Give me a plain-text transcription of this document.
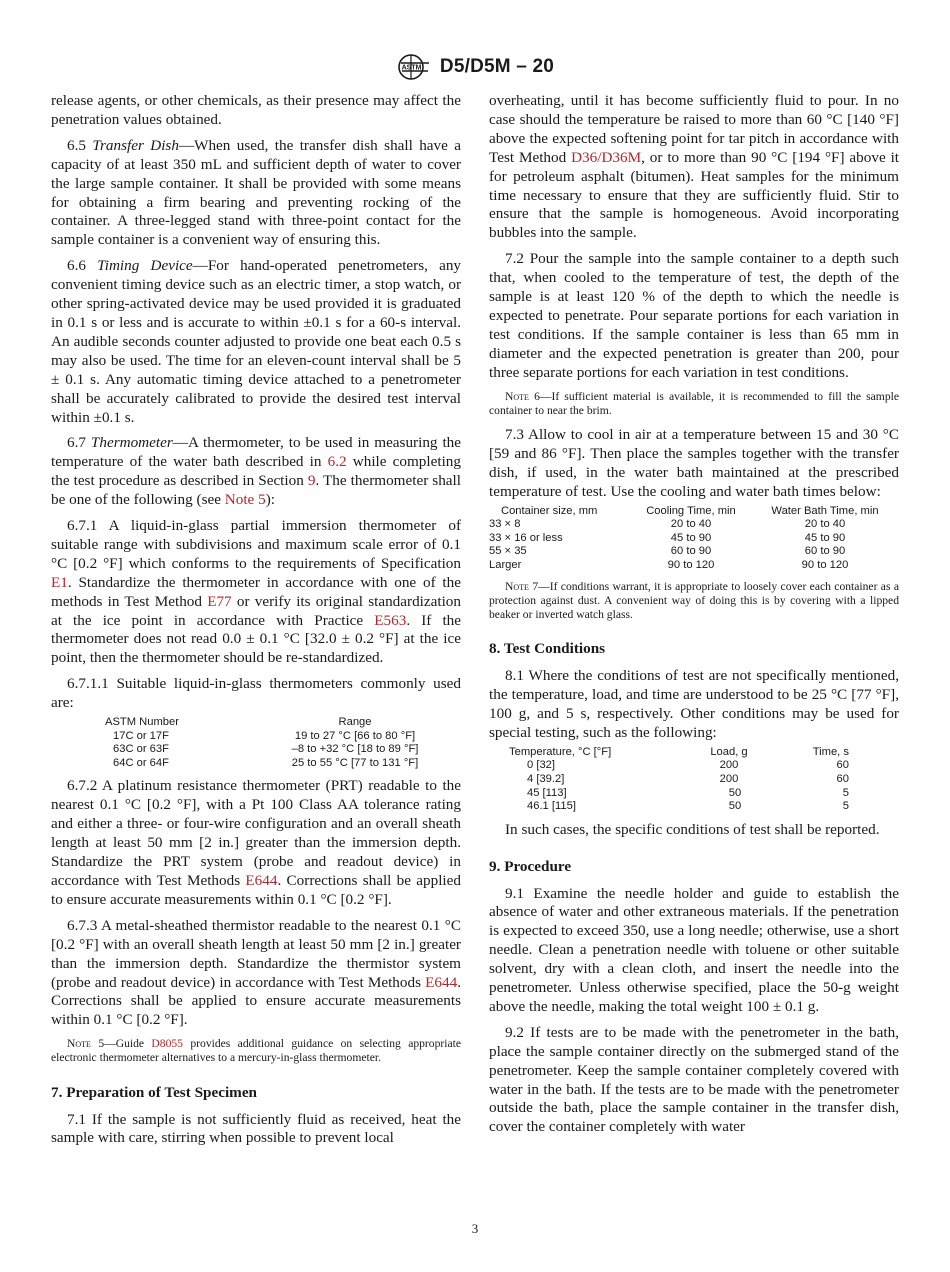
ASTM D5/D5M – 20

release agents, or other chemicals, as their presence may affect the penetration values obtained.

6.5 Transfer Dish—When used, the transfer dish shall have a capacity of at least 350 mL and sufficient depth of water to cover the large sample container. It shall be provided with some means for obtaining a firm bearing and preventing rocking of the container. A three-legged stand with three-point contact for the sample container is a convenient way of ensuring this.

6.6 Timing Device—For hand-operated penetrometers, any convenient timing device such as an electric timer, a stop watch, or other spring-activated device may be used provided it is graduated in 0.1 s or less and is accurate to within ±0.1 s for a 60-s interval. An audible seconds counter adjusted to provide one beat each 0.5 s may also be used. The time for an eleven-count interval shall be 5 ± 0.1 s. Any automatic timing device attached to a penetrometer shall be accurately calibrated to provide the desired test interval within ±0.1 s.

6.7 Thermometer—A thermometer, to be used in measuring the temperature of the water bath described in 6.2 while completing the test procedure as described in Section 9. The thermometer shall be one of the following (see Note 5):

6.7.1 A liquid-in-glass partial immersion thermometer of suitable range with subdivisions and maximum scale error of 0.1 °C [0.2 °F] which conforms to the requirements of Specification E1. Standardize the thermometer in accordance with one of the methods in Test Method E77 or verify its original standardization at the ice point in accordance with Practice E563. If the thermometer does not read 0.0 ± 0.1 °C [32.0 ± 0.2 °F] at the ice point, then the thermometer should be re-standardized.

6.7.1.1 Suitable liquid-in-glass thermometers commonly used are:

ASTM Number	Range
17C or 17F	19 to 27 °C [66 to 80 °F]
63C or 63F	–8 to +32 °C [18 to 89 °F]
64C or 64F	25 to 55 °C [77 to 131 °F]

6.7.2 A platinum resistance thermometer (PRT) readable to the nearest 0.1 °C [0.2 °F], with a Pt 100 Class AA tolerance rating and either a three- or four-wire configuration and an overall sheath length at least 50 mm [2 in.] greater than the immersion depth. Standardize the PRT system (probe and readout device) in accordance with Test Methods E644. Corrections shall be applied to ensure accurate measurements within 0.1 °C [0.2 °F].

6.7.3 A metal-sheathed thermistor readable to the nearest 0.1 °C [0.2 °F] with an overall sheath length at least 50 mm [2 in.] greater than the immersion depth. Standardize the thermistor system (probe and readout device) in accordance with Test Methods E644. Corrections shall be applied to ensure accurate measurements within 0.1 °C [0.2 °F].

Note 5—Guide D8055 provides additional guidance on selecting appropriate electronic thermometer alternatives to a mercury-in-glass thermometer.

7. Preparation of Test Specimen

7.1 If the sample is not sufficiently fluid as received, heat the sample with care, stirring when possible to prevent local

overheating, until it has become sufficiently fluid to pour. In no case should the temperature be raised to more than 60 °C [140 °F] above the expected softening point for tar pitch in accordance with Test Method D36/D36M, or to more than 90 °C [194 °F] above it for petroleum asphalt (bitumen). Heat samples for the minimum time necessary to ensure that they are sufficiently fluid. Stir to ensure that the sample is homogeneous. Avoid incorporating bubbles into the sample.

7.2 Pour the sample into the sample container to a depth such that, when cooled to the temperature of test, the depth of the sample is at least 120 % of the depth to which the needle is expected to penetrate. Pour separate portions for each variation in test conditions. If the sample container is less than 65 mm in diameter and the expected penetration is greater than 200, pour three separate portions for each variation in test conditions.

Note 6—If sufficient material is available, it is recommended to fill the sample container to near the brim.

7.3 Allow to cool in air at a temperature between 15 and 30 °C [59 and 86 °F]. Then place the samples together with the transfer dish, if used, in the water bath maintained at the prescribed temperature of test. Use the cooling and water bath times below:

Container size, mm	Cooling Time, min	Water Bath Time, min
33 × 8	20 to 40	20 to 40
33 × 16 or less	45 to 90	45 to 90
55 × 35	60 to 90	60 to 90
Larger	90 to 120	90 to 120

Note 7—If conditions warrant, it is appropriate to loosely cover each container as a protection against dust. A convenient way of doing this is by covering with a lipped beaker or inverted watch glass.

8. Test Conditions

8.1 Where the conditions of test are not specifically mentioned, the temperature, load, and time are understood to be 25 °C [77 °F], 100 g, and 5 s, respectively. Other conditions may be used for special testing, such as the following:

Temperature, °C [°F]	Load, g	Time, s
0 [32]	200	60
4 [39.2]	200	60
45 [113]	50	5
46.1 [115]	50	5

In such cases, the specific conditions of test shall be reported.

9. Procedure

9.1 Examine the needle holder and guide to establish the absence of water and other extraneous materials. If the penetration is expected to exceed 350, use a long needle; otherwise, use a short needle. Clean a penetration needle with toluene or other suitable solvent, dry with a clean cloth, and insert the needle into the penetrometer. Unless otherwise specified, place the 50-g weight above the needle, making the total weight 100 ± 0.1 g.

9.2 If tests are to be made with the penetrometer in the bath, place the sample container directly on the submerged stand of the penetrometer. Keep the sample container completely covered with water in the bath. If the tests are to be made with the penetrometer outside the bath, place the sample container in the transfer dish, cover the container completely with water

3
